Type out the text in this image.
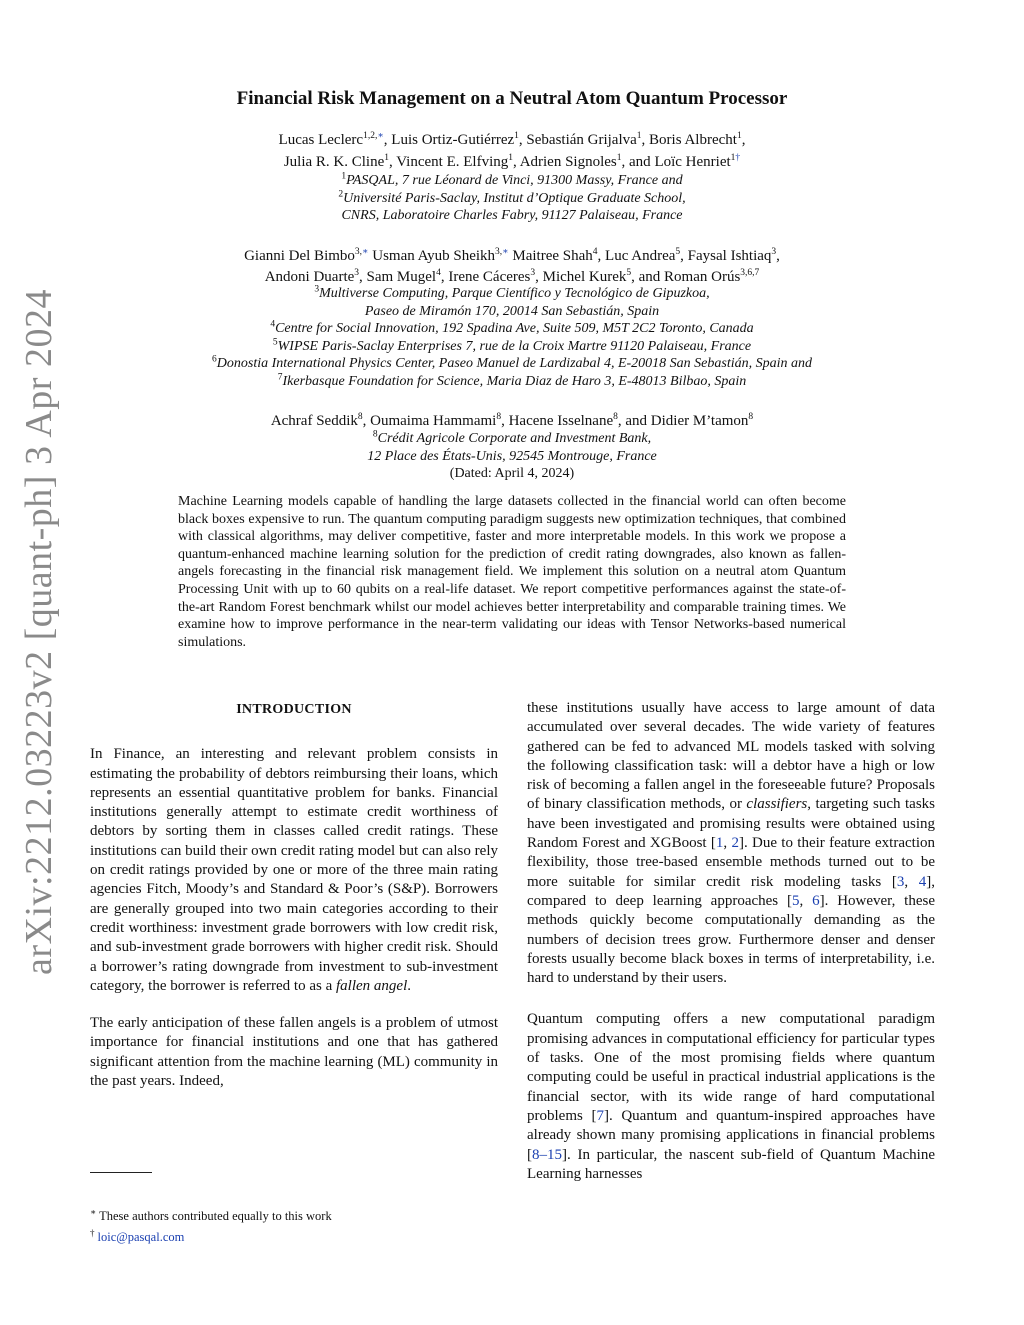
arXiv:2212.03223v2 [quant-ph] 3 Apr 2024
Financial Risk Management on a Neutral Atom Quantum Processor
Lucas Leclerc$^{1,2,∗}$, Luis Ortiz-Gutiérrez$^1$, Sebastián Grijalva$^1$, Boris Albrecht$^1$,
Julia R. K. Cline$^1$, Vincent E. Elfving$^1$, Adrien Signoles$^1$, and Loïc Henriet$^{1\dagger}$
$^1$PASQAL, 7 rue Léonard de Vinci, 91300 Massy, France and
$^2$Université Paris-Saclay, Institut d’Optique Graduate School,
CNRS, Laboratoire Charles Fabry, 91127 Palaiseau, France
Gianni Del Bimbo$^{3,∗}$ Usman Ayub Sheikh$^{3,∗}$ Maitree Shah$^4$, Luc Andrea$^5$, Faysal Ishtiaq$^3$,
Andoni Duarte$^3$, Sam Mugel$^4$, Irene Cáceres$^3$, Michel Kurek$^5$, and Roman Orús$^{3,6,7}$
$^3$Multiverse Computing, Parque Científico y Tecnológico de Gipuzkoa,
Paseo de Miramón 170, 20014 San Sebastián, Spain
$^4$Centre for Social Innovation, 192 Spadina Ave, Suite 509, M5T 2C2 Toronto, Canada
$^5$WIPSE Paris-Saclay Enterprises 7, rue de la Croix Martre 91120 Palaiseau, France
$^6$Donostia International Physics Center, Paseo Manuel de Lardizabal 4, E-20018 San Sebastián, Spain and
$^7$Ikerbasque Foundation for Science, Maria Diaz de Haro 3, E-48013 Bilbao, Spain
Achraf Seddik$^8$, Oumaima Hammami$^8$, Hacene Isselnane$^8$, and Didier M’tamon$^8$
$^8$Crédit Agricole Corporate and Investment Bank,
12 Place des États-Unis, 92545 Montrouge, France
(Dated: April 4, 2024)
Machine Learning models capable of handling the large datasets collected in the financial world can often become black boxes expensive to run. The quantum computing paradigm suggests new optimization techniques, that combined with classical algorithms, may deliver competitive, faster and more interpretable models. In this work we propose a quantum-enhanced machine learning solution for the prediction of credit rating downgrades, also known as fallen-angels forecasting in the financial risk management field. We implement this solution on a neutral atom Quantum Processing Unit with up to 60 qubits on a real-life dataset. We report competitive performances against the state-of-the-art Random Forest benchmark whilst our model achieves better interpretability and comparable training times. We examine how to improve performance in the near-term validating our ideas with Tensor Networks-based numerical simulations.
INTRODUCTION

In Finance, an interesting and relevant problem consists in estimating the probability of debtors reimbursing their loans, which represents an essential quantitative problem for banks. Financial institutions generally attempt to estimate credit worthiness of debtors by sorting them in classes called credit ratings. These institutions can build their own credit rating model but can also rely on credit ratings provided by one or more of the three main rating agencies Fitch, Moody’s and Standard & Poor’s (S&P). Borrowers are generally grouped into two main categories according to their credit worthiness: investment grade borrowers with low credit risk, and sub-investment grade borrowers with higher credit risk. Should a borrower’s rating downgrade from investment to sub-investment category, the borrower is referred to as a fallen angel.

The early anticipation of these fallen angels is a problem of utmost importance for financial institutions and one that has gathered significant attention from the machine learning (ML) community in the past years. Indeed,

these institutions usually have access to large amount of data accumulated over several decades. The wide variety of features gathered can be fed to advanced ML models tasked with solving the following classification task: will a debtor have a high or low risk of becoming a fallen angel in the foreseeable future? Proposals of binary classification methods, or classifiers, targeting such tasks have been investigated and promising results were obtained using Random Forest and XGBoost [1, 2]. Due to their feature extraction flexibility, those tree-based ensemble methods turned out to be more suitable for similar credit risk modeling tasks [3, 4], compared to deep learning approaches [5, 6]. However, these methods quickly become computationally demanding as the numbers of decision trees grow. Furthermore denser and denser forests usually become black boxes in terms of interpretability, i.e. hard to understand by their users.

Quantum computing offers a new computational paradigm promising advances in computational efficiency for particular types of tasks. One of the most promising fields where quantum computing could be useful in practical industrial applications is the financial sector, with its wide range of hard computational problems [7]. Quantum and quantum-inspired approaches have already shown many promising applications in financial problems [8–15]. In particular, the nascent sub-field of Quantum Machine Learning harnesses

∗ These authors contributed equally to this work
† loic@pasqal.com
